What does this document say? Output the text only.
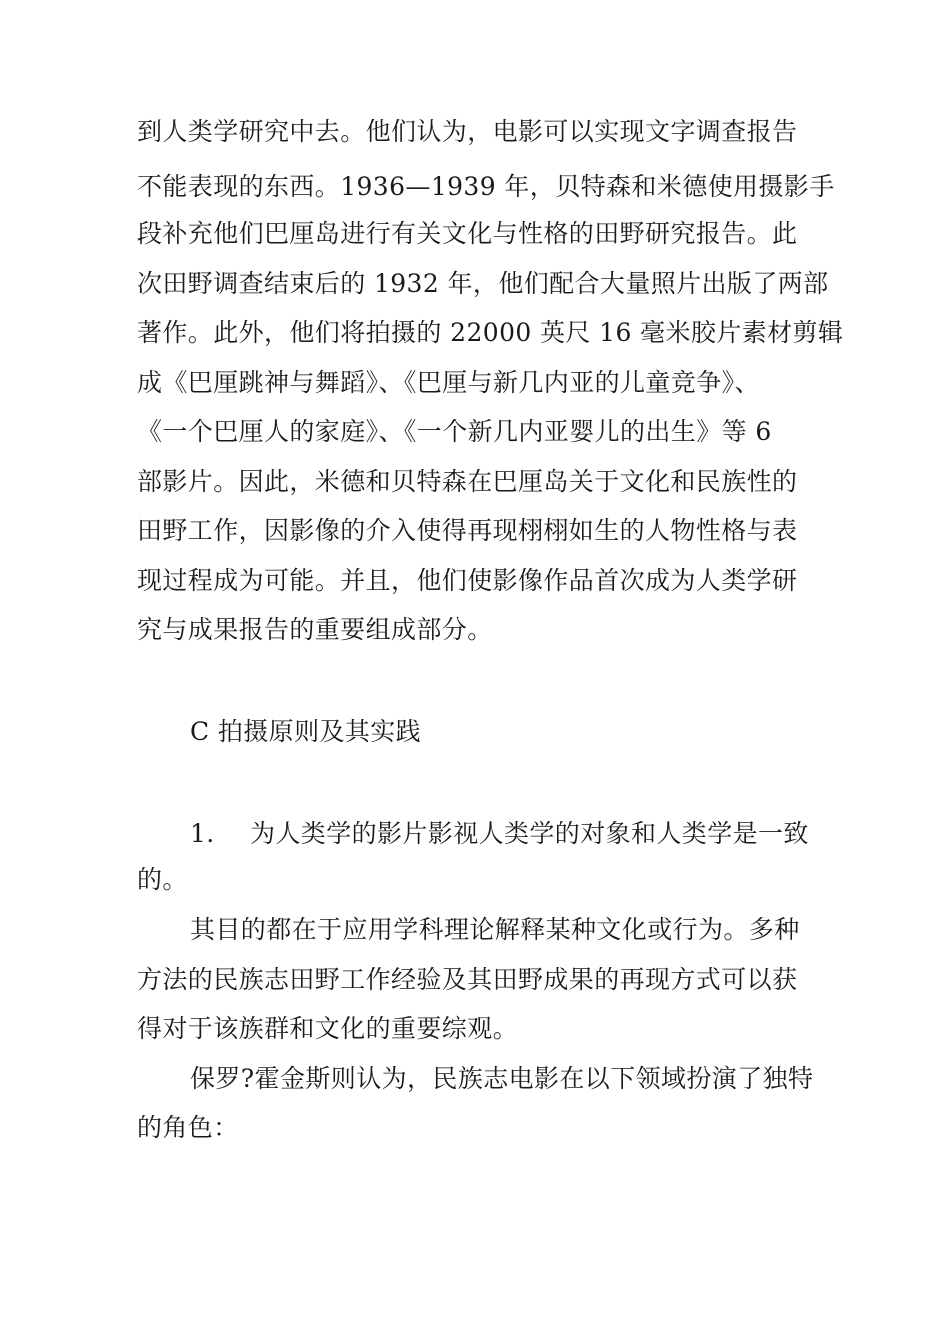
到人类学研究中去。他们认为，电影可以实现文字调查报告
不能表现的东西。1936—1939 年，贝特森和米德使用摄影手
段补充他们巴厘岛进行有关文化与性格的田野研究报告。此
次田野调查结束后的 1932 年，他们配合大量照片出版了两部
著作。此外，他们将拍摄的 22000 英尺 16 毫米胶片素材剪辑
成《巴厘跳神与舞蹈》、《巴厘与新几内亚的儿童竞争》、
《一个巴厘人的家庭》、《一个新几内亚婴儿的出生》等 6
部影片。因此，米德和贝特森在巴厘岛关于文化和民族性的
田野工作，因影像的介入使得再现栩栩如生的人物性格与表
现过程成为可能。并且，他们使影像作品首次成为人类学研
究与成果报告的重要组成部分。
C 拍摄原则及其实践
1. 为人类学的影片影视人类学的对象和人类学是一致
的。
其目的都在于应用学科理论解释某种文化或行为。多种
方法的民族志田野工作经验及其田野成果的再现方式可以获
得对于该族群和文化的重要综观。
保罗?霍金斯则认为，民族志电影在以下领域扮演了独特
的角色：
